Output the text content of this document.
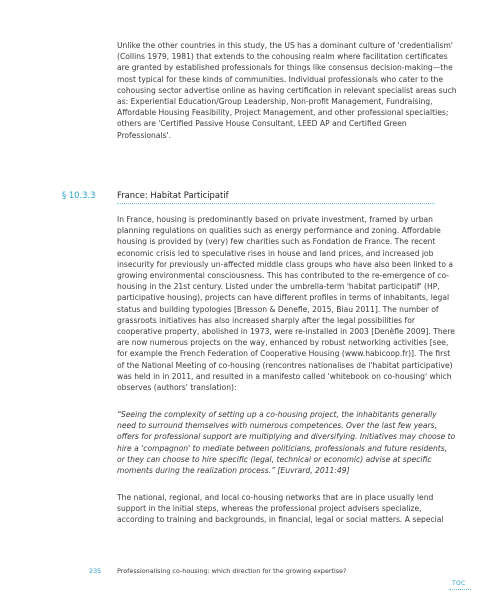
Unlike the other countries in this study, the US has a dominant culture of 'credentialism' (Collins 1979, 1981) that extends to the cohousing realm where facilitation certificates are granted by established professionals for things like consensus decision-making—the most typical for these kinds of communities. Individual professionals who cater to the cohousing sector advertise online as having certification in relevant specialist areas such as: Experiential Education/Group Leadership, Non-profit Management, Fundraising, Affordable Housing Feasibility, Project Management, and other professional specialties; others are 'Certified Passive House Consultant, LEED AP and Certified Green Professionals'.

§ 10.3.3	France: Habitat Participatif

In France, housing is predominantly based on private investment, framed by urban planning regulations on qualities such as energy performance and zoning. Affordable housing is provided by (very) few charities such as Fondation de France. The recent economic crisis led to speculative rises in house and land prices, and increased job insecurity for previously un-affected middle class groups who have also been linked to a growing environmental consciousness. This has contributed to the re-emergence of co-housing in the 21st century. Listed under the umbrella-term 'habitat participatif' (HP, participative housing), projects can have different profiles in terms of inhabitants, legal status and building typologies [Bresson & Denefle, 2015, Biau 2011]. The number of grassroots initiatives has also increased sharply after the legal possibilities for cooperative property, abolished in 1973, were re-installed in 2003 [Denèfle 2009]. There are now numerous projects on the way, enhanced by robust networking activities [see, for example the French Federation of Cooperative Housing (www.habicoop.fr)]. The first of the National Meeting of co-housing (rencontres nationalises de l'habitat participative) was held in in 2011, and resulted in a manifesto called 'whitebook on co-housing' which observes (authors' translation):

“Seeing the complexity of setting up a co-housing project, the inhabitants generally need to surround themselves with numerous competences. Over the last few years, offers for professional support are multiplying and diversifying. Initiatives may choose to hire a 'compagnon' to mediate between politicians, professionals and future residents, or they can choose to hire specific (legal, technical or economic) advise at specific moments during the realization process.” [Euvrard, 2011:49]

The national, regional, and local co-housing networks that are in place usually lend support in the initial steps, whereas the professional project advisers specialize, according to training and backgrounds, in financial, legal or social matters. A sepecial

235 Professionalising co-housing: which direction for the growing expertise?
TOC
